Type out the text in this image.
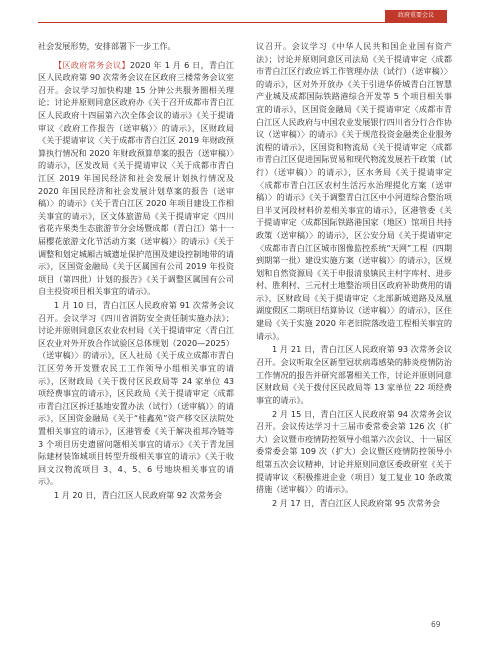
政府重要会议

社会发展形势，安排部署下一步工作。

【区政府常务会议】2020 年 1 月 6 日，青白江区人民政府第 90 次常务会议在区政府三楼常务会议室召开。会议学习加快构建 15 分钟公共服务圈相关理论；讨论并原则同意区政府办《关于召开成都市青白江区人民政府十四届第六次全体会议的请示》《关于提请审议〈政府工作报告（送审稿）〉的请示》，区财政局《关于提请审议〈关于成都市青白江区 2019 年财政预算执行情况和 2020 年财政预算草案的报告（送审稿）〉的请示》，区发改局《关于提请审议〈关于成都市青白江区 2019 年国民经济和社会发展计划执行情况及 2020 年国民经济和社会发展计划草案的报告（送审稿）〉的请示》《关于青白江区 2020 年项目建设工作相关事宜的请示》，区文体旅游局《关于提请审定〈四川省花卉果类生态旅游节分会场暨成都（青白江）第十一届樱花旅游文化节活动方案（送审稿）〉的请示》《关于调整和划定城厢古城遗址保护范围及建设控制地带的请示》，区国资金融局《关于区属国有公司 2019 年投资项目（第四批）计划的报告》《关于调整区属国有公司自主投资项目相关事宜的请示》。

1 月 10 日，青白江区人民政府第 91 次常务会议召开。会议学习《四川省消防安全责任制实施办法》；讨论并原则同意区农业农村局《关于提请审定〈青白江区农业对外开放合作试验区总体规划（2020—2025）（送审稿）〉的请示》，区人社局《关于成立成都市青白江区劳务开发暨农民工工作领导小组相关事宜的请示》，区财政局《关于拨付区民政局等 24 家单位 43 项经费事宜的请示》，区民政局《关于提请审定〈成都市青白江区拆迁基地安置办法（试行）（送审稿）〉的请示》，区国资金融局《关于“桂鑫苑”资产移交区法院处置相关事宜的请示》，区港管委《关于解决祖邦冷链等 3 个项目历史遗留问题相关事宜的请示》《关于青龙国际建材装饰城项目转型升级相关事宜的请示》《关于收回文汉物流项目 3、4、5、6 号地块相关事宜的请示》。

1 月 20 日，青白江区人民政府第 92 次常务会

议召开。会议学习《中华人民共和国企业国有资产法》；讨论并原则同意区司法局《关于提请审定〈成都市青白江区行政应诉工作管理办法（试行）（送审稿）〉的请示》，区对外开放办《关于引进华侨城青白江智慧产业城及成都国际铁路港综合开发等 5 个项目相关事宜的请示》，区国资金融局《关于提请审定〈成都市青白江区人民政府与中国农业发展银行四川省分行合作协议（送审稿）〉的请示》《关于规范投资金融类企业服务流程的请示》，区国资和物流局《关于提请审定〈成都市青白江区促进国际贸易和现代物流发展若干政策（试行）（送审稿）〉的请示》，区水务局《关于提请审定〈成都市青白江区农村生活污水治理提化方案（送审稿）〉的请示》《关于调整青白江区中小河道综合整治项目半叉河段材料价差相关事宜的请示》，区港管委《关于提请审定〈成都国际铁路港国家（地区）馆项目共持政策（送审稿）〉的请示》，区公安分局《关于提请审定〈成都市青白江区城市图像监控系统“天网”工程（四期到期第一批）建设实施方案（送审稿）〉的请示》，区规划和自然资源局《关于申报清泉镇民主村字库村、进步村、胜利村、三元村土地整治项目区政府补助费用的请示》，区财政局《关于提请审定〈北部新城道路及凤凰湖度假区二期项目结算协议（送审稿）〉的请示》，区住建局《关于实施 2020 年老旧院落改造工程相关事宜的请示》。

1 月 21 日，青白江区人民政府第 93 次常务会议召开。会议听取全区新型冠状病毒感染的肺炎疫情防治工作情况的报告并研究部署相关工作，讨论并原则同意区财政局《关于拨付区民政局等 13 家单位 22 项经费事宜的请示》。

2 月 15 日，青白江区人民政府第 94 次常务会议召开。会议传达学习十三届市委常委会第 126 次（扩大）会议暨市疫情防控领导小组第六次会议、十一届区委常委会第 109 次（扩大）会议暨区疫情防控领导小组第五次会议精神，讨论并原则同意区委政研室《关于提请审议〈积极推进企业（项目）复工复业 10 条政策措施（送审稿）〉的请示》。

2 月 17 日，青白江区人民政府第 95 次常务会

69
